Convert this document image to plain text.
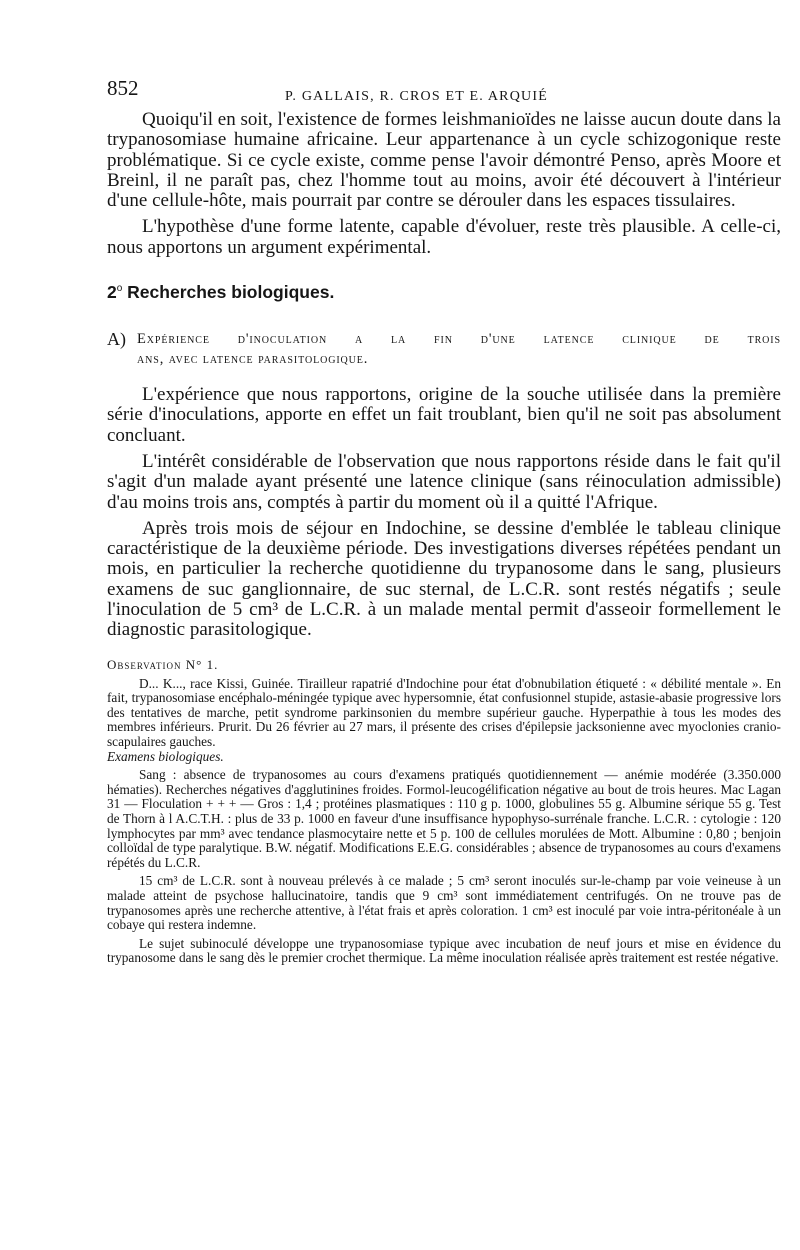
852	P. GALLAIS, R. CROS ET E. ARQUIÉ

Quoiqu'il en soit, l'existence de formes leishmanioïdes ne laisse aucun doute dans la trypanosomiase humaine africaine. Leur appartenance à un cycle schizogonique reste problématique. Si ce cycle existe, comme pense l'avoir démontré Penso, après Moore et Breinl, il ne paraît pas, chez l'homme tout au moins, avoir été découvert à l'intérieur d'une cellule-hôte, mais pourrait par contre se dérouler dans les espaces tissulaires.

L'hypothèse d'une forme latente, capable d'évoluer, reste très plausible. A celle-ci, nous apportons un argument expérimental.

2$^o$ Recherches biologiques.
A) Expérience d'inoculation a la fin d'une latence clinique de trois
ans, avec latence parasitologique.

L'expérience que nous rapportons, origine de la souche utilisée dans la première série d'inoculations, apporte en effet un fait troublant, bien qu'il ne soit pas absolument concluant.

L'intérêt considérable de l'observation que nous rapportons réside dans le fait qu'il s'agit d'un malade ayant présenté une latence clinique (sans réinoculation admissible) d'au moins trois ans, comptés à partir du moment où il a quitté l'Afrique.

Après trois mois de séjour en Indochine, se dessine d'emblée le tableau clinique caractéristique de la deuxième période. Des investigations diverses répétées pendant un mois, en particulier la recherche quotidienne du trypanosome dans le sang, plusieurs examens de suc ganglionnaire, de suc sternal, de L.C.R. sont restés négatifs ; seule l'inoculation de 5 cm³ de L.C.R. à un malade mental permit d'asseoir formellement le diagnostic parasitologique.

Observation N° 1.

D... K..., race Kissi, Guinée. Tirailleur rapatrié d'Indochine pour état d'obnubilation étiqueté : « débilité mentale ». En fait, trypanosomiase encéphalo-méningée typique avec hypersomnie, état confusionnel stupide, astasie-abasie progressive lors des tentatives de marche, petit syndrome parkinsonien du membre supérieur gauche. Hyperpathie à tous les modes des membres inférieurs. Prurit. Du 26 février au 27 mars, il présente des crises d'épilepsie jacksonienne avec myoclonies cranio-scapulaires gauches.

Examens biologiques.

Sang : absence de trypanosomes au cours d'examens pratiqués quotidiennement — anémie modérée (3.350.000 hématies). Recherches négatives d'agglutinines froides. Formol-leucogélification négative au bout de trois heures. Mac Lagan 31 — Floculation + + + — Gros : 1,4 ; protéines plasmatiques : 110 g p. 1000, globulines 55 g. Albumine sérique 55 g. Test de Thorn à l A.C.T.H. : plus de 33 p. 1000 en faveur d'une insuffisance hypophyso-surrénale franche. L.C.R. : cytologie : 120 lymphocytes par mm³ avec tendance plasmocytaire nette et 5 p. 100 de cellules morulées de Mott. Albumine : 0,80 ; benjoin colloïdal de type paralytique. B.W. négatif. Modifications E.E.G. considérables ; absence de trypanosomes au cours d'examens répétés du L.C.R.

15 cm³ de L.C.R. sont à nouveau prélevés à ce malade ; 5 cm³ seront inoculés sur-le-champ par voie veineuse à un malade atteint de psychose hallucinatoire, tandis que 9 cm³ sont immédiatement centrifugés. On ne trouve pas de trypanosomes après une recherche attentive, à l'état frais et après coloration. 1 cm³ est inoculé par voie intra-péritonéale à un cobaye qui restera indemne.

Le sujet subinoculé développe une trypanosomiase typique avec incubation de neuf jours et mise en évidence du trypanosome dans le sang dès le premier crochet thermique. La même inoculation réalisée après traitement est restée négative.
